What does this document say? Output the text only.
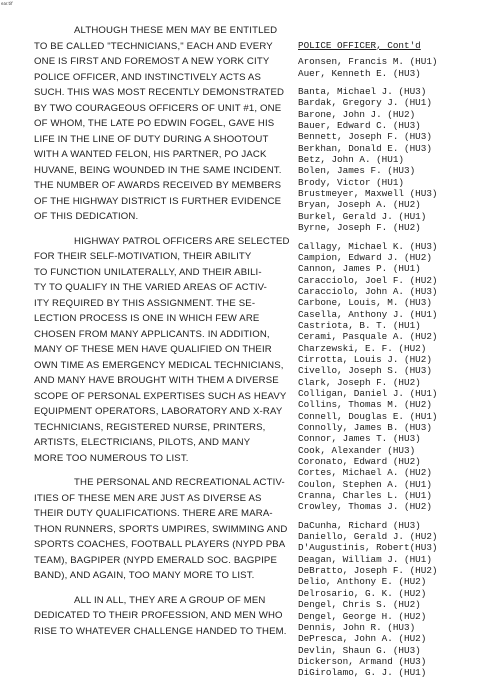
ear.tif
ALTHOUGH THESE MEN MAY BE ENTITLED
TO BE CALLED "TECHNICIANS," EACH AND EVERY
ONE IS FIRST AND FOREMOST A NEW YORK CITY
POLICE OFFICER, AND INSTINCTIVELY ACTS AS
SUCH. THIS WAS MOST RECENTLY DEMONSTRATED
BY TWO COURAGEOUS OFFICERS OF UNIT #1, ONE
OF WHOM, THE LATE PO EDWIN FOGEL, GAVE HIS
LIFE IN THE LINE OF DUTY DURING A SHOOTOUT
WITH A WANTED FELON, HIS PARTNER, PO JACK
HUVANE, BEING WOUNDED IN THE SAME INCIDENT.
THE NUMBER OF AWARDS RECEIVED BY MEMBERS
OF THE HIGHWAY DISTRICT IS FURTHER EVIDENCE
OF THIS DEDICATION.
HIGHWAY PATROL OFFICERS ARE SELECTED
FOR THEIR SELF-MOTIVATION, THEIR ABILITY
TO FUNCTION UNILATERALLY, AND THEIR ABILI-
TY TO QUALIFY IN THE VARIED AREAS OF ACTIV-
ITY REQUIRED BY THIS ASSIGNMENT. THE SE-
LECTION PROCESS IS ONE IN WHICH FEW ARE
CHOSEN FROM MANY APPLICANTS. IN ADDITION,
MANY OF THESE MEN HAVE QUALIFIED ON THEIR
OWN TIME AS EMERGENCY MEDICAL TECHNICIANS,
AND MANY HAVE BROUGHT WITH THEM A DIVERSE
SCOPE OF PERSONAL EXPERTISES SUCH AS HEAVY
EQUIPMENT OPERATORS, LABORATORY AND X-RAY
TECHNICIANS, REGISTERED NURSE, PRINTERS,
ARTISTS, ELECTRICIANS, PILOTS, AND MANY
MORE TOO NUMEROUS TO LIST.
THE PERSONAL AND RECREATIONAL ACTIV-
ITIES OF THESE MEN ARE JUST AS DIVERSE AS
THEIR DUTY QUALIFICATIONS. THERE ARE MARA-
THON RUNNERS, SPORTS UMPIRES, SWIMMING AND
SPORTS COACHES, FOOTBALL PLAYERS (NYPD PBA
TEAM), BAGPIPER (NYPD EMERALD SOC. BAGPIPE
BAND), AND AGAIN, TOO MANY MORE TO LIST.
ALL IN ALL, THEY ARE A GROUP OF MEN
DEDICATED TO THEIR PROFESSION, AND MEN WHO
RISE TO WHATEVER CHALLENGE HANDED TO THEM.
POLICE OFFICER, Cont'd
Aronsen, Francis M. (HU1)
Auer, Kenneth E. (HU3)
Banta, Michael J. (HU3)
Bardak, Gregory J. (HU1)
Barone, John J. (HU2)
Bauer, Edward C. (HU3)
Bennett, Joseph F. (HU3)
Berkhan, Donald E. (HU3)
Betz, John A. (HU1)
Bolen, James F. (HU3)
Brody, Victor (HU1)
Brustmeyer, Maxwell (HU3)
Bryan, Joseph A. (HU2)
Burkel, Gerald J. (HU1)
Byrne, Joseph F. (HU2)
Callagy, Michael K. (HU3)
Campion, Edward J. (HU2)
Cannon, James P. (HU1)
Caracciolo, Joel F. (HU2)
Caracciolo, John A. (HU3)
Carbone, Louis, M. (HU3)
Casella, Anthony J. (HU1)
Castriota, B. T. (HU1)
Cerami, Pasquale A. (HU2)
Charzewski, E. F. (HU2)
Cirrotta, Louis J. (HU2)
Civello, Joseph S. (HU3)
Clark, Joseph F. (HU2)
Colligan, Daniel J. (HU1)
Collins, Thomas M. (HU2)
Connell, Douglas E. (HU1)
Connolly, James B. (HU3)
Connor, James T. (HU3)
Cook, Alexander (HU3)
Coronato, Edward (HU2)
Cortes, Michael A. (HU2)
Coulon, Stephen A. (HU1)
Cranna, Charles L. (HU1)
Crowley, Thomas J. (HU2)
DaCunha, Richard (HU3)
Daniello, Gerald J. (HU2)
D'Augustinis, Robert(HU3)
Deagan, William J. (HU1)
DeBratto, Joseph F. (HU2)
Delio, Anthony E. (HU2)
Delrosario, G. K. (HU2)
Dengel, Chris S. (HU2)
Dengel, George H. (HU2)
Dennis, John R. (HU3)
DePresca, John A. (HU2)
Devlin, Shaun G. (HU3)
Dickerson, Armand (HU3)
DiGirolamo, G. J. (HU1)
